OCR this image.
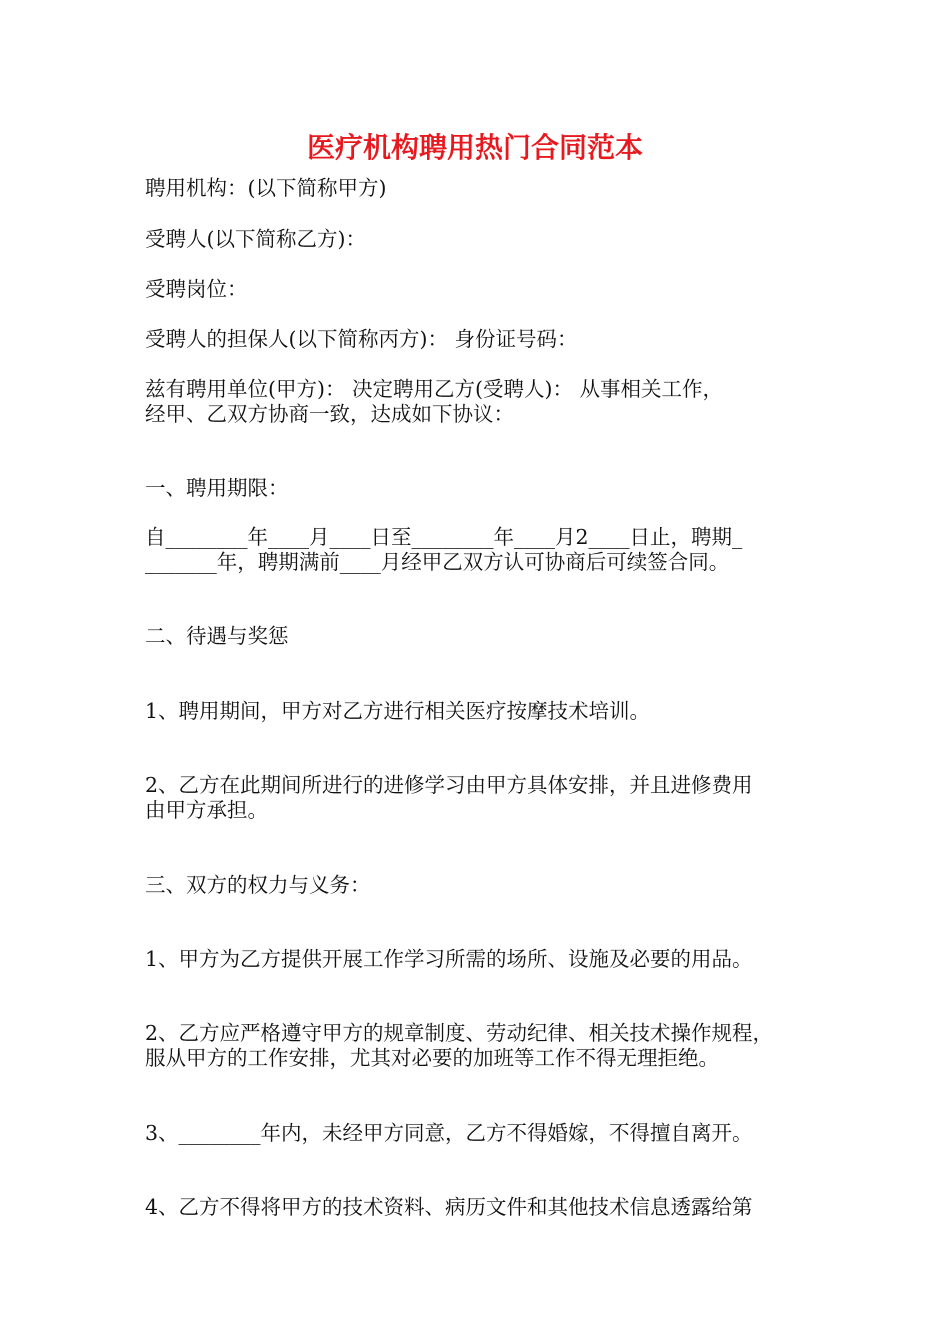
医疗机构聘用热门合同范本

聘用机构：(以下简称甲方)

受聘人(以下简称乙方)：

受聘岗位：

受聘人的担保人(以下简称丙方)： 身份证号码：

兹有聘用单位(甲方)： 决定聘用乙方(受聘人)： 从事相关工作，

经甲、乙双方协商一致，达成如下协议：

一、聘用期限：

自________年____月____日至________年____月2____日止，聘期_

_______年，聘期满前____月经甲乙双方认可协商后可续签合同。

二、待遇与奖惩

1、聘用期间，甲方对乙方进行相关医疗按摩技术培训。

2、乙方在此期间所进行的进修学习由甲方具体安排，并且进修费用

由甲方承担。

三、双方的权力与义务：

1、甲方为乙方提供开展工作学习所需的场所、设施及必要的用品。

2、乙方应严格遵守甲方的规章制度、劳动纪律、相关技术操作规程，

服从甲方的工作安排，尤其对必要的加班等工作不得无理拒绝。

3、________年内，未经甲方同意，乙方不得婚嫁，不得擅自离开。

4、乙方不得将甲方的技术资料、病历文件和其他技术信息透露给第
